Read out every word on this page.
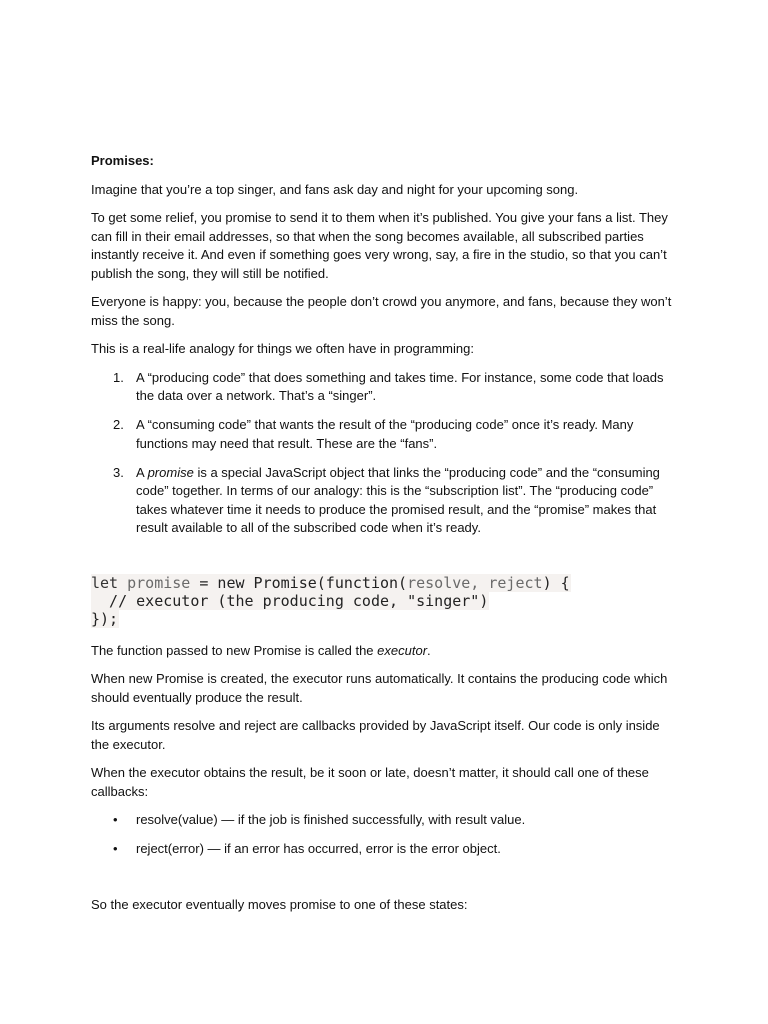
Promises:

Imagine that you’re a top singer, and fans ask day and night for your upcoming song.

To get some relief, you promise to send it to them when it’s published. You give your fans a list. They can fill in their email addresses, so that when the song becomes available, all subscribed parties instantly receive it. And even if something goes very wrong, say, a fire in the studio, so that you can’t publish the song, they will still be notified.

Everyone is happy: you, because the people don’t crowd you anymore, and fans, because they won’t miss the song.

This is a real-life analogy for things we often have in programming:

1. A “producing code” that does something and takes time. For instance, some code that loads the data over a network. That’s a “singer”.
2. A “consuming code” that wants the result of the “producing code” once it’s ready. Many functions may need that result. These are the “fans”.
3. A promise is a special JavaScript object that links the “producing code” and the “consuming code” together. In terms of our analogy: this is the “subscription list”. The “producing code” takes whatever time it needs to produce the promised result, and the “promise” makes that result available to all of the subscribed code when it’s ready.
let promise = new Promise(function(resolve, reject) {
// executor (the producing code, "singer")
});

The function passed to new Promise is called the executor.

When new Promise is created, the executor runs automatically. It contains the producing code which should eventually produce the result.

Its arguments resolve and reject are callbacks provided by JavaScript itself. Our code is only inside the executor.

When the executor obtains the result, be it soon or late, doesn’t matter, it should call one of these callbacks:

• resolve(value) — if the job is finished successfully, with result value.
• reject(error) — if an error has occurred, error is the error object.

So the executor eventually moves promise to one of these states:
